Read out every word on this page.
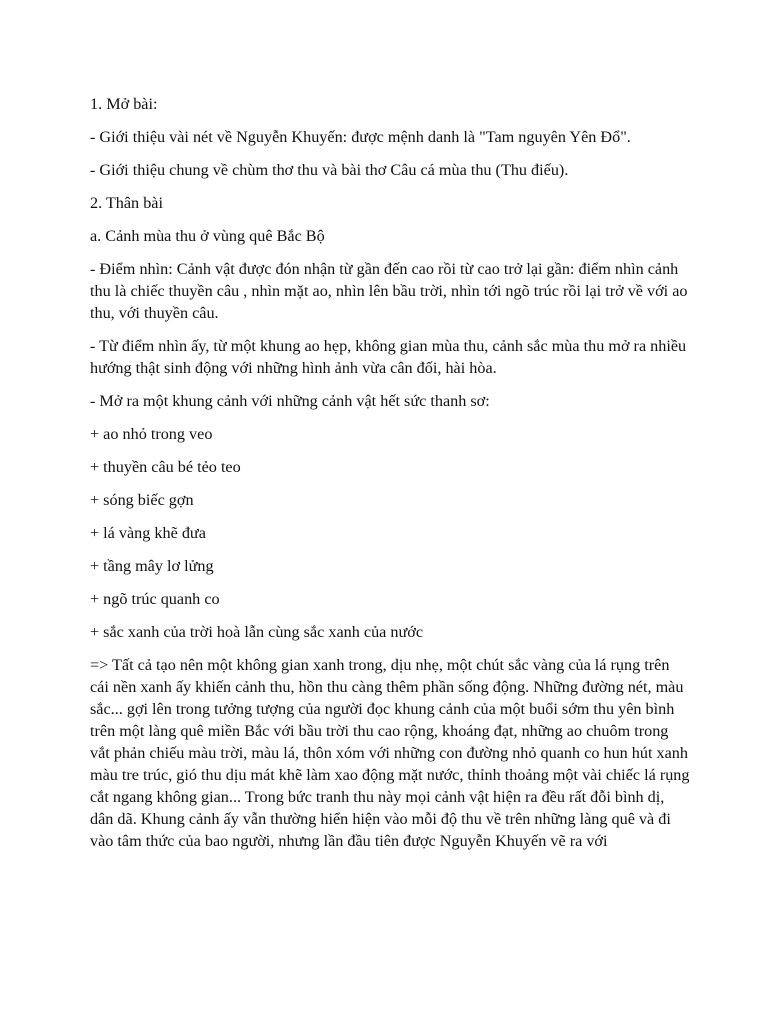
1. Mở bài:

- Giới thiệu vài nét về Nguyễn Khuyến: được mệnh danh là "Tam nguyên Yên Đổ".

- Giới thiệu chung về chùm thơ thu và bài thơ Câu cá mùa thu (Thu điếu).

2. Thân bài

a. Cảnh mùa thu ở vùng quê Bắc Bộ

- Điểm nhìn: Cảnh vật được đón nhận từ gần đến cao rồi từ cao trở lại gần: điểm nhìn cảnh thu là chiếc thuyền câu , nhìn mặt ao, nhìn lên bầu trời, nhìn tới ngõ trúc rồi lại trở về với ao thu, với thuyền câu.

- Từ điểm nhìn ấy, từ một khung ao hẹp, không gian mùa thu, cảnh sắc mùa thu mở ra nhiều hướng thật sinh động với những hình ảnh vừa cân đối, hài hòa.

- Mở ra một khung cảnh với những cảnh vật hết sức thanh sơ:

+ ao nhỏ trong veo

+ thuyền câu bé tẻo teo

+ sóng biếc gợn

+ lá vàng khẽ đưa

+ tầng mây lơ lửng

+ ngõ trúc quanh co

+ sắc xanh của trời hoà lẫn cùng sắc xanh của nước

=> Tất cả tạo nên một không gian xanh trong, dịu nhẹ, một chút sắc vàng của lá rụng trên cái nền xanh ấy khiến cảnh thu, hồn thu càng thêm phần sống động. Những đường nét, màu sắc... gợi lên trong tưởng tượng của người đọc khung cảnh của một buổi sớm thu yên bình trên một làng quê miền Bắc với bầu trời thu cao rộng, khoáng đạt, những ao chuôm trong vắt phản chiếu màu trời, màu lá, thôn xóm với những con đường nhỏ quanh co hun hút xanh màu tre trúc, gió thu dịu mát khẽ làm xao động mặt nước, thỉnh thoảng một vài chiếc lá rụng cắt ngang không gian... Trong bức tranh thu này mọi cảnh vật hiện ra đều rất đỗi bình dị, dân dã. Khung cảnh ấy vẫn thường hiển hiện vào mỗi độ thu về trên những làng quê và đi vào tâm thức của bao người, nhưng lần đầu tiên được Nguyễn Khuyến vẽ ra với
